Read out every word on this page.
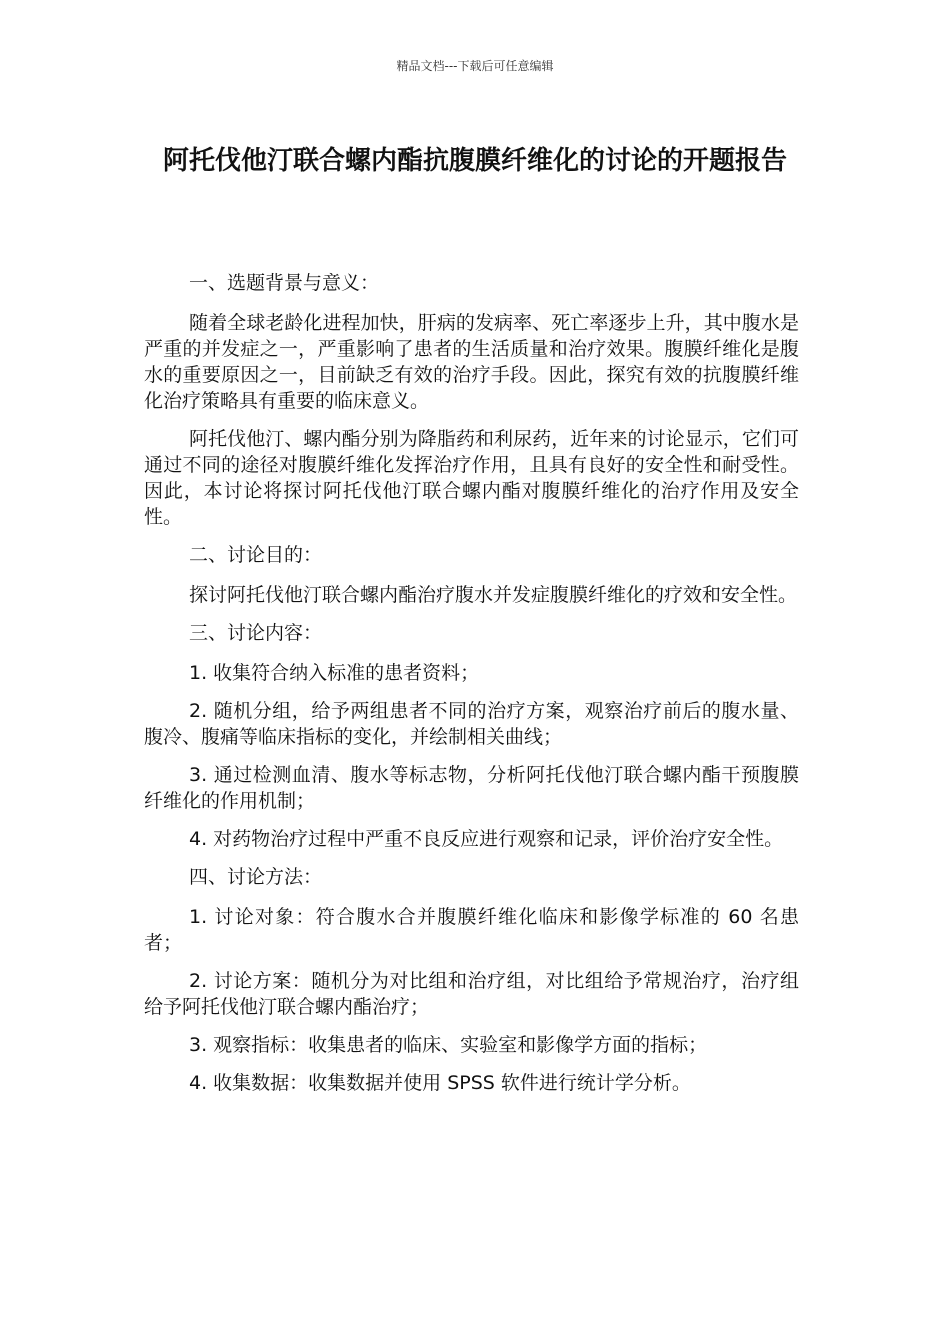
精品文档---下载后可任意编辑
阿托伐他汀联合螺内酯抗腹膜纤维化的讨论的开题报告

一、选题背景与意义：

随着全球老龄化进程加快，肝病的发病率、死亡率逐步上升，其中腹水是严重的并发症之一，严重影响了患者的生活质量和治疗效果。腹膜纤维化是腹水的重要原因之一，目前缺乏有效的治疗手段。因此，探究有效的抗腹膜纤维化治疗策略具有重要的临床意义。

阿托伐他汀、螺内酯分别为降脂药和利尿药，近年来的讨论显示，它们可通过不同的途径对腹膜纤维化发挥治疗作用，且具有良好的安全性和耐受性。因此，本讨论将探讨阿托伐他汀联合螺内酯对腹膜纤维化的治疗作用及安全性。

二、讨论目的：

探讨阿托伐他汀联合螺内酯治疗腹水并发症腹膜纤维化的疗效和安全性。

三、讨论内容：

1. 收集符合纳入标准的患者资料；

2. 随机分组，给予两组患者不同的治疗方案，观察治疗前后的腹水量、腹冷、腹痛等临床指标的变化，并绘制相关曲线；

3. 通过检测血清、腹水等标志物，分析阿托伐他汀联合螺内酯干预腹膜纤维化的作用机制；

4. 对药物治疗过程中严重不良反应进行观察和记录，评价治疗安全性。

四、讨论方法：

1. 讨论对象：符合腹水合并腹膜纤维化临床和影像学标准的 60 名患者；

2. 讨论方案：随机分为对比组和治疗组，对比组给予常规治疗，治疗组给予阿托伐他汀联合螺内酯治疗；

3. 观察指标：收集患者的临床、实验室和影像学方面的指标；

4. 收集数据：收集数据并使用 SPSS 软件进行统计学分析。
